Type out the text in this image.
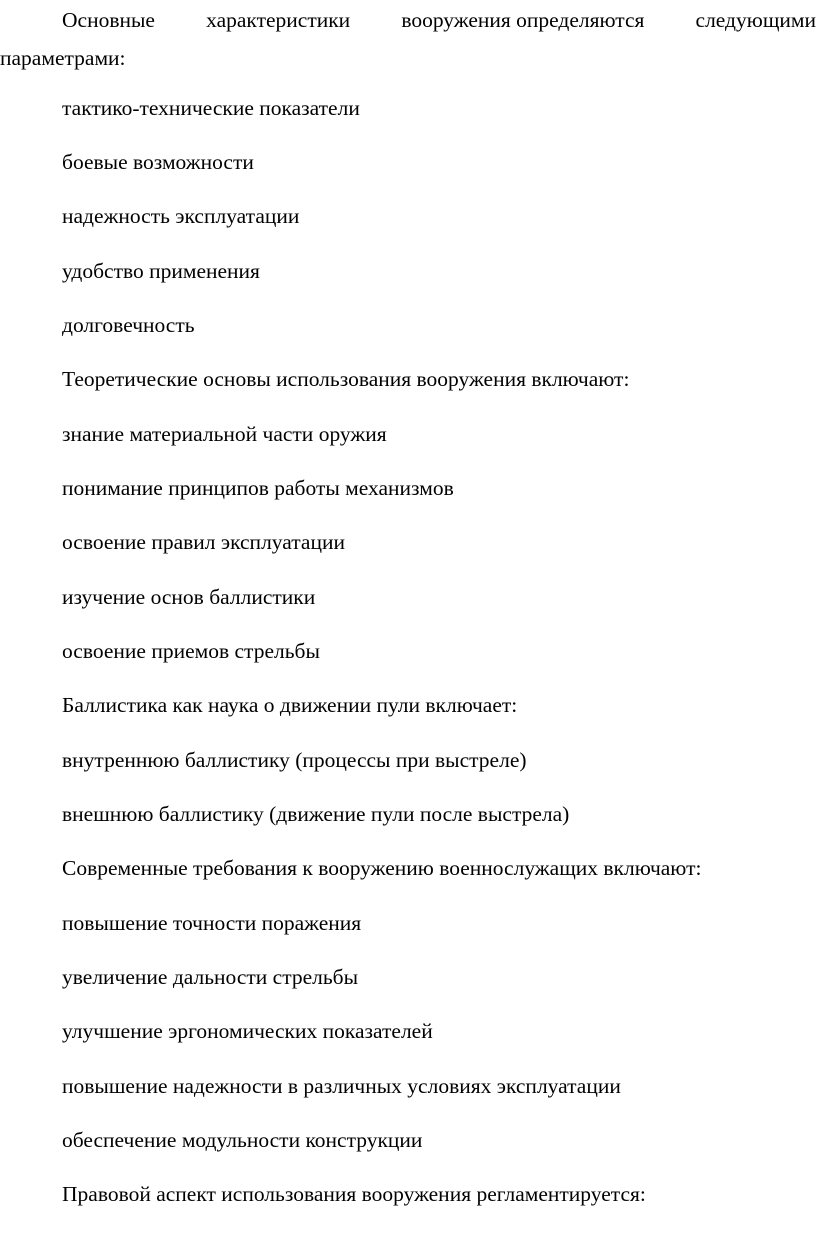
Основные характеристики вооружения определяются следующими
параметрами:
тактико-технические показатели
боевые возможности
надежность эксплуатации
удобство применения
долговечность
Теоретические основы использования вооружения включают:
знание материальной части оружия
понимание принципов работы механизмов
освоение правил эксплуатации
изучение основ баллистики
освоение приемов стрельбы
Баллистика как наука о движении пули включает:
внутреннюю баллистику (процессы при выстреле)
внешнюю баллистику (движение пули после выстрела)
Современные требования к вооружению военнослужащих включают:
повышение точности поражения
увеличение дальности стрельбы
улучшение эргономических показателей
повышение надежности в различных условиях эксплуатации
обеспечение модульности конструкции
Правовой аспект использования вооружения регламентируется:
